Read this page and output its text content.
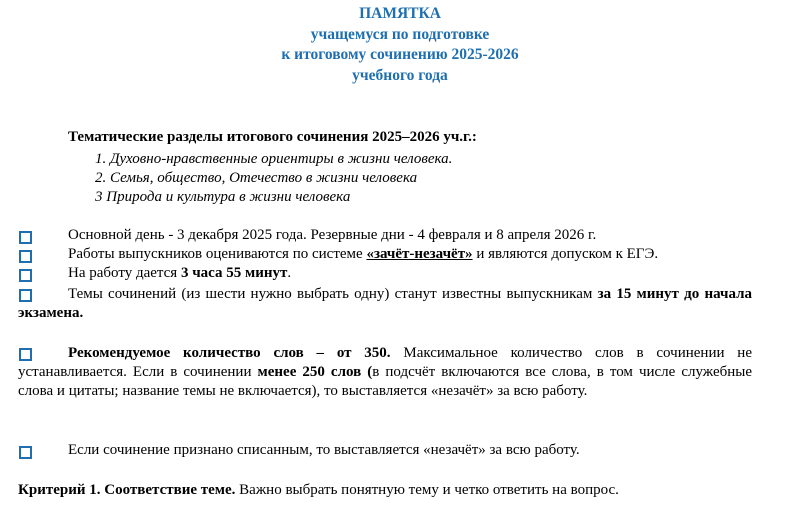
ПАМЯТКА
учащемуся по подготовке
к итоговому сочинению 2025-2026
учебного года
Тематические разделы итогового сочинения 2025–2026 уч.г.:
1. Духовно-нравственные ориентиры в жизни человека.
2. Семья, общество, Отечество в жизни человека
3 Природа и культура в жизни человека
Основной день - 3 декабря 2025 года. Резервные дни - 4 февраля и 8 апреля 2026 г.
Работы выпускников оцениваются по системе «зачёт-незачёт» и являются допуском к ЕГЭ.
На работу дается 3 часа 55 минут.
Темы сочинений (из шести нужно выбрать одну) станут известны выпускникам за 15 минут до начала экзамена.
Рекомендуемое количество слов – от 350. Максимальное количество слов в сочинении не устанавливается. Если в сочинении менее 250 слов (в подсчёт включаются все слова, в том числе служебные слова и цитаты; название темы не включается), то выставляется «незачёт» за всю работу.
Если сочинение признано списанным, то выставляется «незачёт» за всю работу.
Критерий 1. Соответствие теме. Важно выбрать понятную тему и четко ответить на вопрос.
